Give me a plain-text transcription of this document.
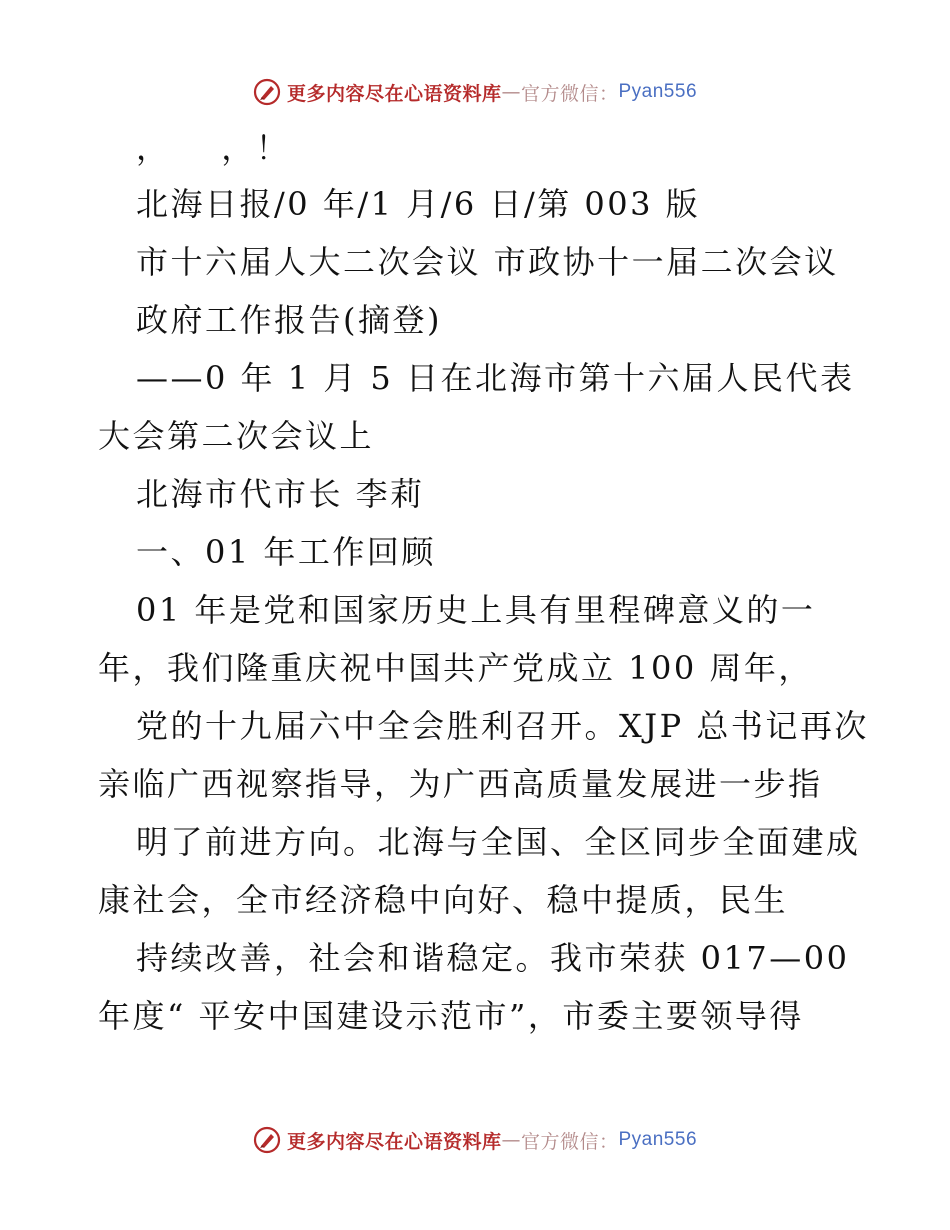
更多内容尽在心语资料库 — 官方微信： Pyan556
，    ，！
北海日报/0 年/1 月/6 日/第 003 版
市十六届人大二次会议 市政协十一届二次会议
政府工作报告(摘登)
——0 年 1 月 5 日在北海市第十六届人民代表
大会第二次会议上
北海市代市长 李莉
一、01 年工作回顾
01 年是党和国家历史上具有里程碑意义的一
年，我们隆重庆祝中国共产党成立 100 周年，
党的十九届六中全会胜利召开。XJP 总书记再次
亲临广西视察指导，为广西高质量发展进一步指
明了前进方向。北海与全国、全区同步全面建成
康社会，全市经济稳中向好、稳中提质，民生
持续改善，社会和谐稳定。我市荣获 017—00
年度“ 平安中国建设示范市”，市委主要领导得
更多内容尽在心语资料库 — 官方微信： Pyan556
